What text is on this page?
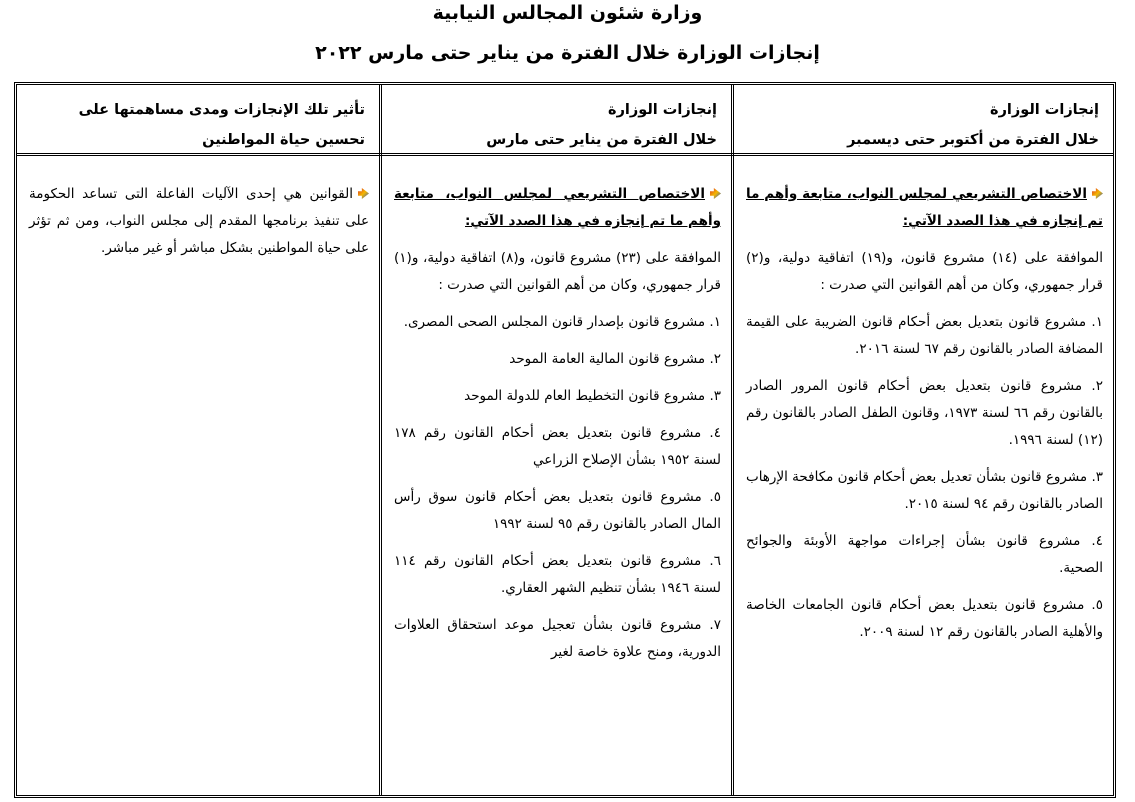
وزارة شئون المجالس النيابية

إنجازات الوزارة خلال الفترة من يناير حتى مارس ٢٠٢٢

إنجازات الوزارة
خلال الفترة من أكتوبر حتى ديسمبر
إنجازات الوزارة
خلال الفترة من يناير حتى مارس
تأثير تلك الإنجازات ومدى مساهمتها على
تحسين حياة المواطنين

الاختصاص التشريعي لمجلس النواب، متابعة وأهم ما تم إنجازه في هذا الصدد الآتي:

الموافقة على (١٤) مشروع قانون، و(١٩) اتفاقية دولية، و(٢) قرار جمهوري، وكان من أهم القوانين التي صدرت :

١. مشروع قانون بتعديل بعض أحكام قانون الضريبة على القيمة المضافة الصادر بالقانون رقم ٦٧ لسنة ٢٠١٦.

٢. مشروع قانون بتعديل بعض أحكام قانون المرور الصادر بالقانون رقم ٦٦ لسنة ١٩٧٣، وقانون الطفل الصادر بالقانون رقم (١٢) لسنة ١٩٩٦.

٣. مشروع قانون بشأن تعديل بعض أحكام قانون مكافحة الإرهاب الصادر بالقانون رقم ٩٤ لسنة ٢٠١٥.

٤. مشروع قانون بشأن إجراءات مواجهة الأوبئة والجوائح الصحية.

٥. مشروع قانون بتعديل بعض أحكام قانون الجامعات الخاصة والأهلية الصادر بالقانون رقم ١٢ لسنة ٢٠٠٩.

الاختصاص التشريعي لمجلس النواب، متابعة وأهم ما تم إنجازه في هذا الصدد الآتي:

الموافقة على (٢٣) مشروع قانون، و(٨) اتفاقية دولية، و(١) قرار جمهوري، وكان من أهم القوانين التي صدرت :

١. مشروع قانون بإصدار قانون المجلس الصحى المصرى.

٢. مشروع قانون المالية العامة الموحد

٣. مشروع قانون التخطيط العام للدولة الموحد

٤. مشروع قانون بتعديل بعض أحكام القانون رقم ١٧٨ لسنة ١٩٥٢ بشأن الإصلاح الزراعي

٥. مشروع قانون بتعديل بعض أحكام قانون سوق رأس المال الصادر بالقانون رقم ٩٥ لسنة ١٩٩٢

٦. مشروع قانون بتعديل بعض أحكام القانون رقم ١١٤ لسنة ١٩٤٦ بشأن تنظيم الشهر العقاري.

٧. مشروع قانون بشأن تعجيل موعد استحقاق العلاوات الدورية، ومنح علاوة خاصة لغير

القوانين هي إحدى الآليات الفاعلة التى تساعد الحكومة على تنفيذ برنامجها المقدم إلى مجلس النواب، ومن ثم تؤثر على حياة المواطنين بشكل مباشر أو غير مباشر.
